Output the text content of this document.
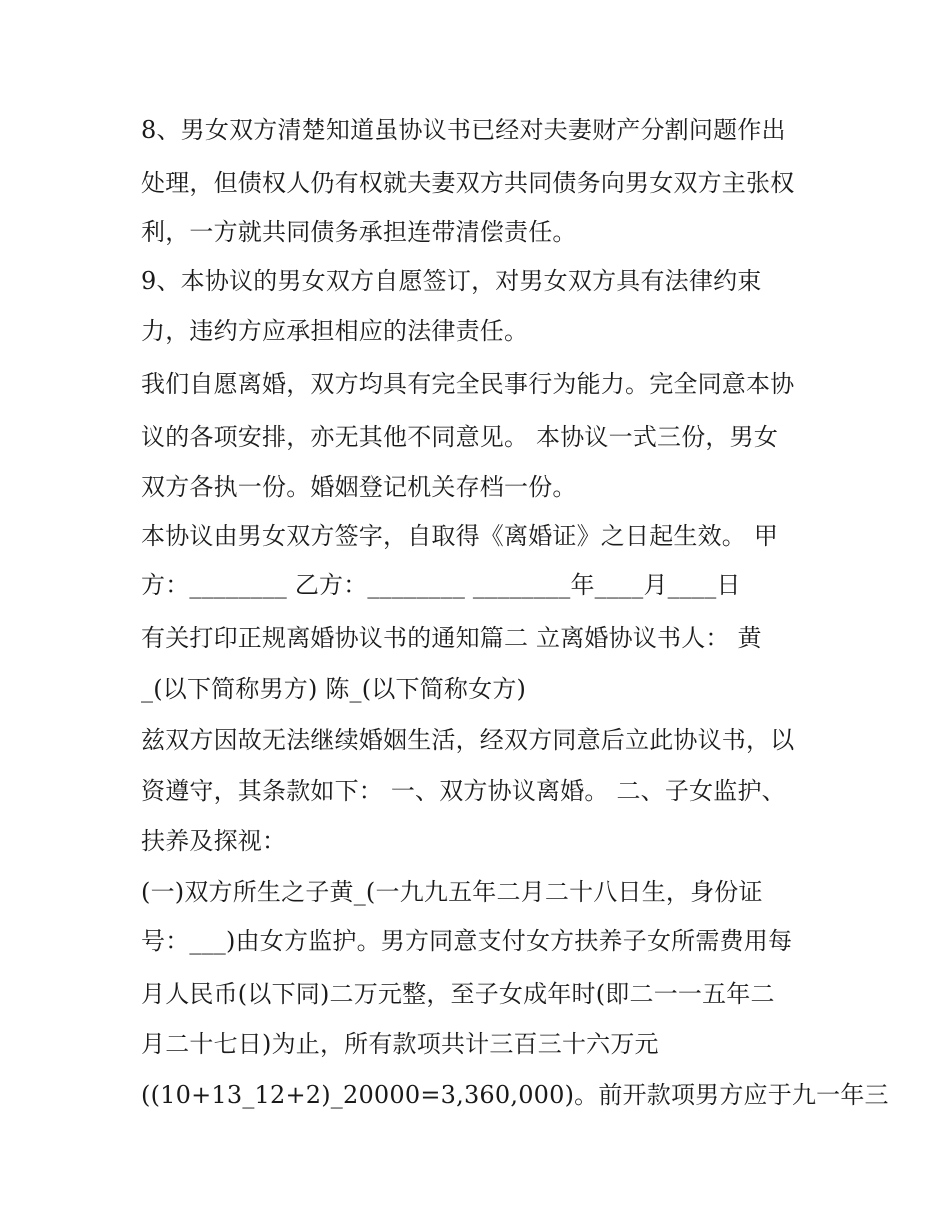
8、男女双方清楚知道虽协议书已经对夫妻财产分割问题作出
处理，但债权人仍有权就夫妻双方共同债务向男女双方主张权
利，一方就共同债务承担连带清偿责任。
9、本协议的男女双方自愿签订，对男女双方具有法律约束
力，违约方应承担相应的法律责任。
我们自愿离婚，双方均具有完全民事行为能力。完全同意本协
议的各项安排，亦无其他不同意见。 本协议一式三份，男女
双方各执一份。婚姻登记机关存档一份。
本协议由男女双方签字，自取得《离婚证》之日起生效。 甲
方：________ 乙方：________ ________年____月____日
有关打印正规离婚协议书的通知篇二 立离婚协议书人： 黄
_(以下简称男方) 陈_(以下简称女方)
兹双方因故无法继续婚姻生活，经双方同意后立此协议书，以
资遵守，其条款如下： 一、双方协议离婚。 二、子女监护、
扶养及探视：
(一)双方所生之子黄_(一九九五年二月二十八日生，身份证
号：___)由女方监护。男方同意支付女方扶养子女所需费用每
月人民币(以下同)二万元整，至子女成年时(即二一一五年二
月二十七日)为止，所有款项共计三百三十六万元
((10+13_12+2)_20000=3,360,000)。前开款项男方应于九一年三
